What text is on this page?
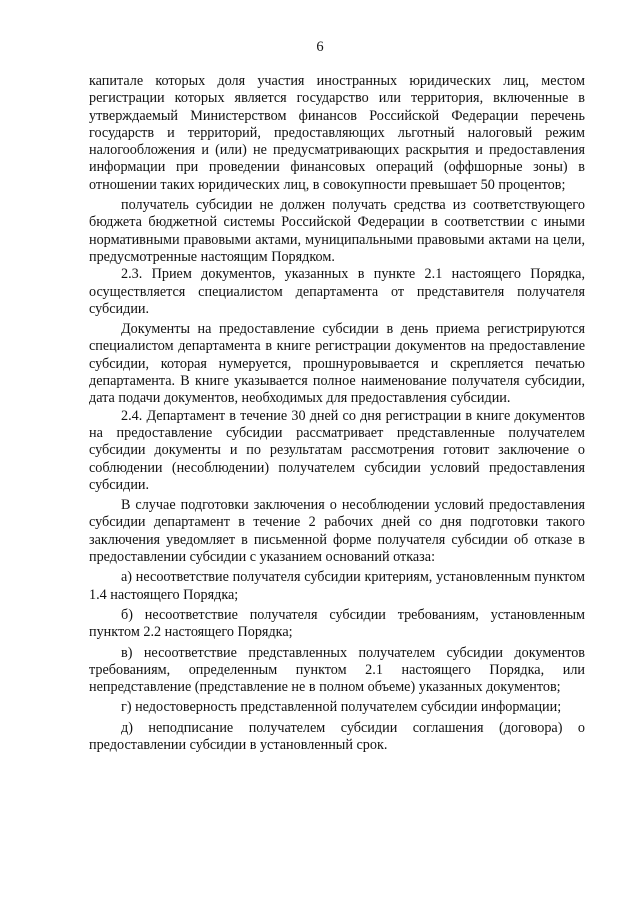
6

капитале которых доля участия иностранных юридических лиц, местом регистрации которых является государство или территория, включенные в утверждаемый Министерством финансов Российской Федерации перечень государств и территорий, предоставляющих льготный налоговый режим налогообложения и (или) не предусматривающих раскрытия и предоставления информации при проведении финансовых операций (оффшорные зоны) в отношении таких юридических лиц, в совокупности превышает 50 процентов;

получатель субсидии не должен получать средства из соответствующего бюджета бюджетной системы Российской Федерации в соответствии с иными нормативными правовыми актами, муниципальными правовыми актами на цели, предусмотренные настоящим Порядком.

2.3. Прием документов, указанных в пункте 2.1 настоящего Порядка, осуществляется специалистом департамента от представителя получателя субсидии.

Документы на предоставление субсидии в день приема регистрируются специалистом департамента в книге регистрации документов на предоставление субсидии, которая нумеруется, прошнуровывается и скрепляется печатью департамента. В книге указывается полное наименование получателя субсидии, дата подачи документов, необходимых для предоставления субсидии.

2.4. Департамент в течение 30 дней со дня регистрации в книге документов на предоставление субсидии рассматривает представленные получателем субсидии документы и по результатам рассмотрения готовит заключение о соблюдении (несоблюдении) получателем субсидии условий предоставления субсидии.

В случае подготовки заключения о несоблюдении условий предоставления субсидии департамент в течение 2 рабочих дней со дня подготовки такого заключения уведомляет в письменной форме получателя субсидии об отказе в предоставлении субсидии с указанием оснований отказа:

а) несоответствие получателя субсидии критериям, установленным пунктом 1.4 настоящего Порядка;

б) несоответствие получателя субсидии требованиям, установленным пунктом 2.2 настоящего Порядка;

в) несоответствие представленных получателем субсидии документов требованиям, определенным пунктом 2.1 настоящего Порядка, или непредставление (представление не в полном объеме) указанных документов;

г) недостоверность представленной получателем субсидии информации;

д) неподписание получателем субсидии соглашения (договора) о предоставлении субсидии в установленный срок.
